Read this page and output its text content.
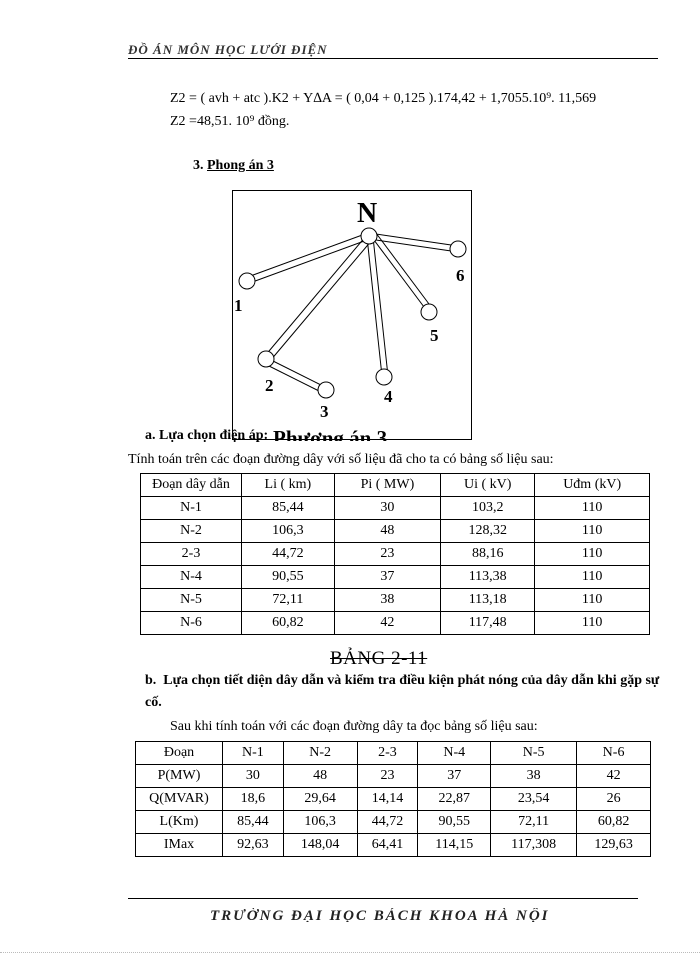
ĐỒ ÁN MÔN HỌC LƯỚI ĐIỆN
Z2 = ( avh + atc ).K2 + Y∆A = ( 0,04 + 0,125 ).174,42 + 1,7055.10⁹. 11,569
Z2 =48,51. 10⁹ đồng.
3. Phong án 3
N
1
2
3
4
5
6
Phương án 3
a. Lựa chọn điện áp:
Tính toán trên các đoạn đường dây với số liệu đã cho ta có bảng số liệu sau:
Đoạn dây dẫn	Li ( km)	Pi ( MW)	Ui ( kV)	Uđm (kV)
N-1	85,44	30	103,2	110
N-2	106,3	48	128,32	110
2-3	44,72	23	88,16	110
N-4	90,55	37	113,38	110
N-5	72,11	38	113,18	110
N-6	60,82	42	117,48	110
BẢNG 2-11
b. Lựa chọn tiết diện dây dẫn và kiểm tra điều kiện phát nóng của dây dẫn khi gặp sự cố.
Sau khi tính toán với các đoạn đường dây ta đọc bảng số liệu sau:
Đoạn	N-1	N-2	2-3	N-4	N-5	N-6
P(MW)	30	48	23	37	38	42
Q(MVAR)	18,6	29,64	14,14	22,87	23,54	26
L(Km)	85,44	106,3	44,72	90,55	72,11	60,82
IMax	92,63	148,04	64,41	114,15	117,308	129,63
TRƯỜNG ĐẠI HỌC BÁCH KHOA HÀ NỘI
